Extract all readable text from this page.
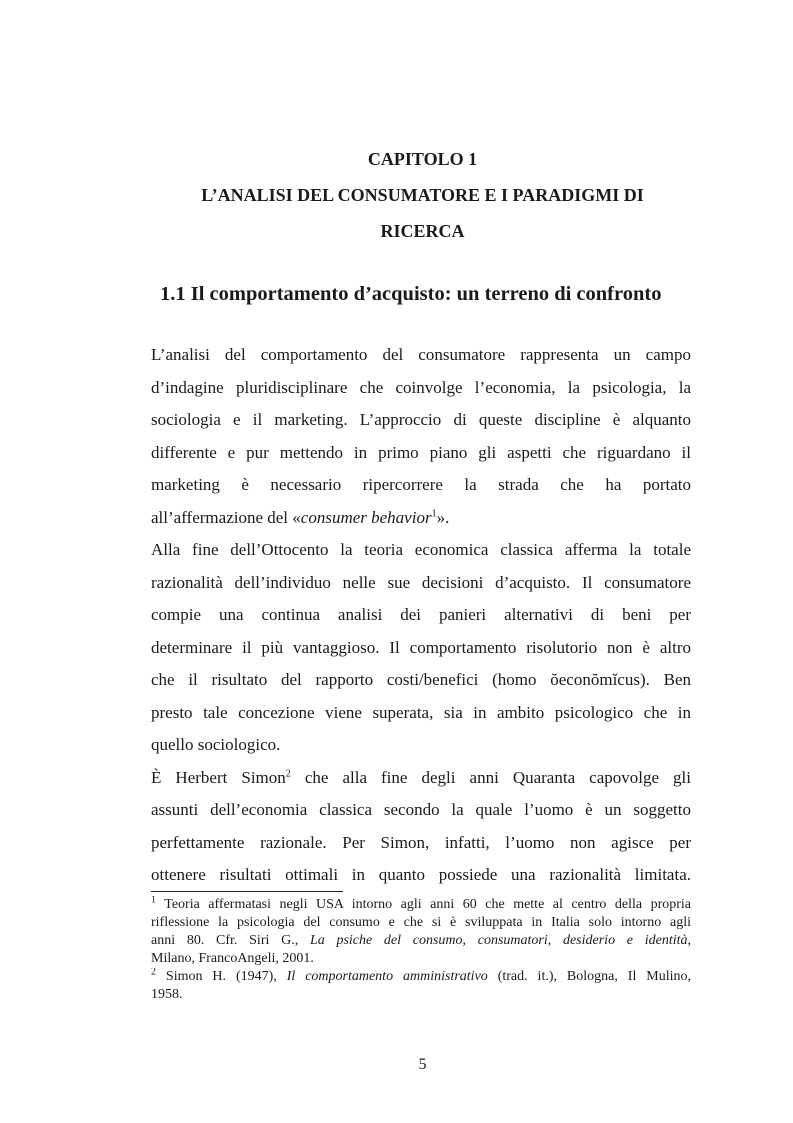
CAPITOLO 1
L’ANALISI DEL CONSUMATORE E I PARADIGMI DI
RICERCA
1.1 Il comportamento d’acquisto: un terreno di confronto
L’analisi del comportamento del consumatore rappresenta un campo
d’indagine pluridisciplinare che coinvolge l’economia, la psicologia, la
sociologia e il marketing. L’approccio di queste discipline è alquanto
differente e pur mettendo in primo piano gli aspetti che riguardano il
marketing è necessario ripercorrere la strada che ha portato
all’affermazione del «consumer behavior$^1$».
Alla fine dell’Ottocento la teoria economica classica afferma la totale
razionalità dell’individuo nelle sue decisioni d’acquisto. Il consumatore
compie una continua analisi dei panieri alternativi di beni per
determinare il più vantaggioso. Il comportamento risolutorio non è altro
che il risultato del rapporto costi/benefici (homo ŏeconŏmĭcus). Ben
presto tale concezione viene superata, sia in ambito psicologico che in
quello sociologico.
È Herbert Simon$^2$ che alla fine degli anni Quaranta capovolge gli
assunti dell’economia classica secondo la quale l’uomo è un soggetto
perfettamente razionale. Per Simon, infatti, l’uomo non agisce per
ottenere risultati ottimali in quanto possiede una razionalità limitata.
$^1$ Teoria affermatasi negli USA intorno agli anni 60 che mette al centro della propria
riflessione la psicologia del consumo e che si è sviluppata in Italia solo intorno agli
anni 80. Cfr. Siri G., La psiche del consumo, consumatori, desiderio e identità,
Milano, FrancoAngeli, 2001.
$^2$ Simon H. (1947), Il comportamento amministrativo (trad. it.), Bologna, Il Mulino,
1958.
5
